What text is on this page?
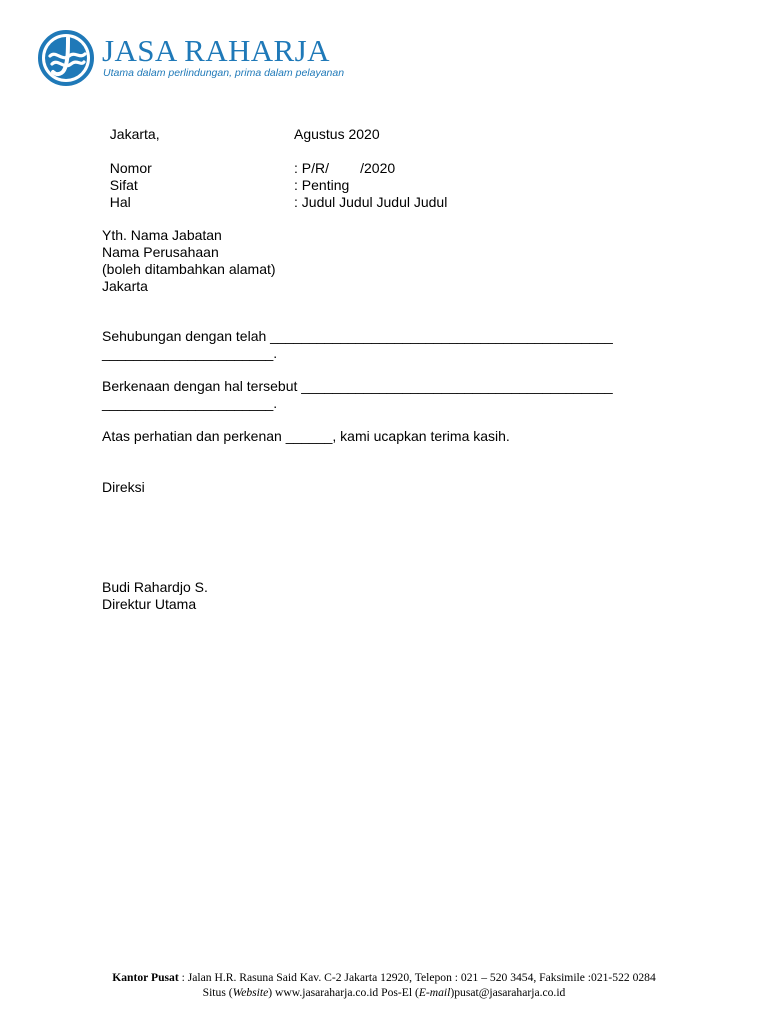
JASA RAHARJA
Utama dalam perlindungan, prima dalam pelayanan

Jakarta,	Agustus 2020

Nomor	: P/R/        /2020

Sifat	: Penting

Hal	: Judul Judul Judul Judul

Yth. Nama Jabatan
Nama Perusahaan
(boleh ditambahkan alamat)
Jakarta
Sehubungan dengan telah ____________________________________________
______________________.
Berkenaan dengan hal tersebut ________________________________________
______________________.
Atas perhatian dan perkenan ______, kami ucapkan terima kasih.
Direksi
Budi Rahardjo S.
Direktur Utama
Kantor Pusat : Jalan H.R. Rasuna Said Kav. C-2 Jakarta 12920, Telepon : 021 – 520 3454, Faksimile :021-522 0284
Situs (Website) www.jasaraharja.co.id Pos-El (E-mail)pusat@jasaraharja.co.id
